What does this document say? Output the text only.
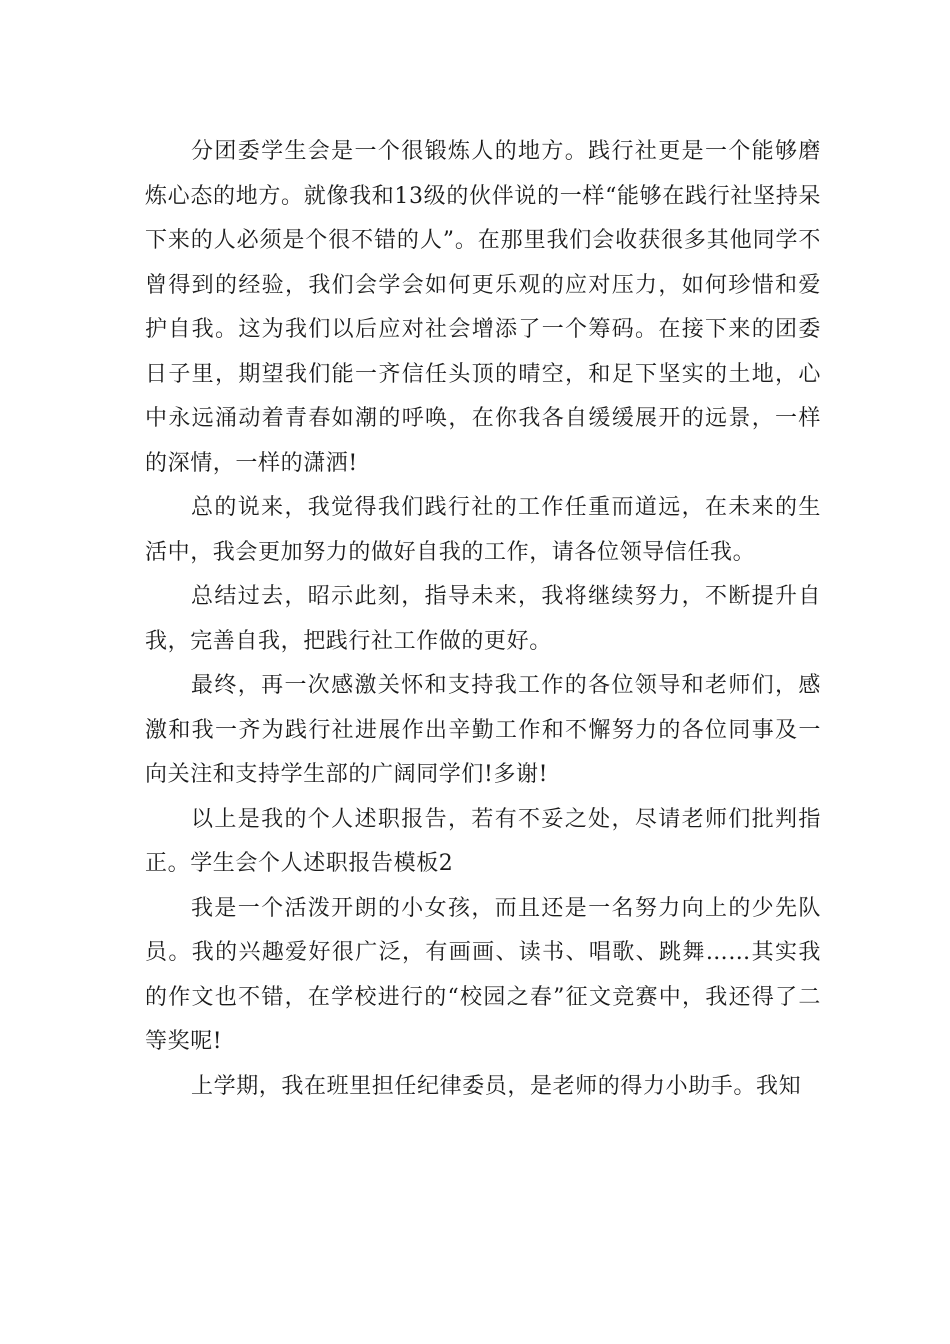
分团委学生会是一个很锻炼人的地方。践行社更是一个能够磨炼心态的地方。就像我和13级的伙伴说的一样“能够在践行社坚持呆下来的人必须是个很不错的人”。在那里我们会收获很多其他同学不曾得到的经验，我们会学会如何更乐观的应对压力，如何珍惜和爱护自我。这为我们以后应对社会增添了一个筹码。在接下来的团委日子里，期望我们能一齐信任头顶的晴空，和足下坚实的土地，心中永远涌动着青春如潮的呼唤，在你我各自缓缓展开的远景，一样的深情，一样的潇洒!

总的说来，我觉得我们践行社的工作任重而道远，在未来的生活中，我会更加努力的做好自我的工作，请各位领导信任我。

总结过去，昭示此刻，指导未来，我将继续努力，不断提升自我，完善自我，把践行社工作做的更好。

最终，再一次感激关怀和支持我工作的各位领导和老师们，感激和我一齐为践行社进展作出辛勤工作和不懈努力的各位同事及一向关注和支持学生部的广阔同学们!多谢!

以上是我的个人述职报告，若有不妥之处，尽请老师们批判指正。学生会个人述职报告模板2

我是一个活泼开朗的小女孩，而且还是一名努力向上的少先队员。我的兴趣爱好很广泛，有画画、读书、唱歌、跳舞……其实我的作文也不错，在学校进行的“校园之春”征文竞赛中，我还得了二等奖呢!

上学期，我在班里担任纪律委员，是老师的得力小助手。我知
